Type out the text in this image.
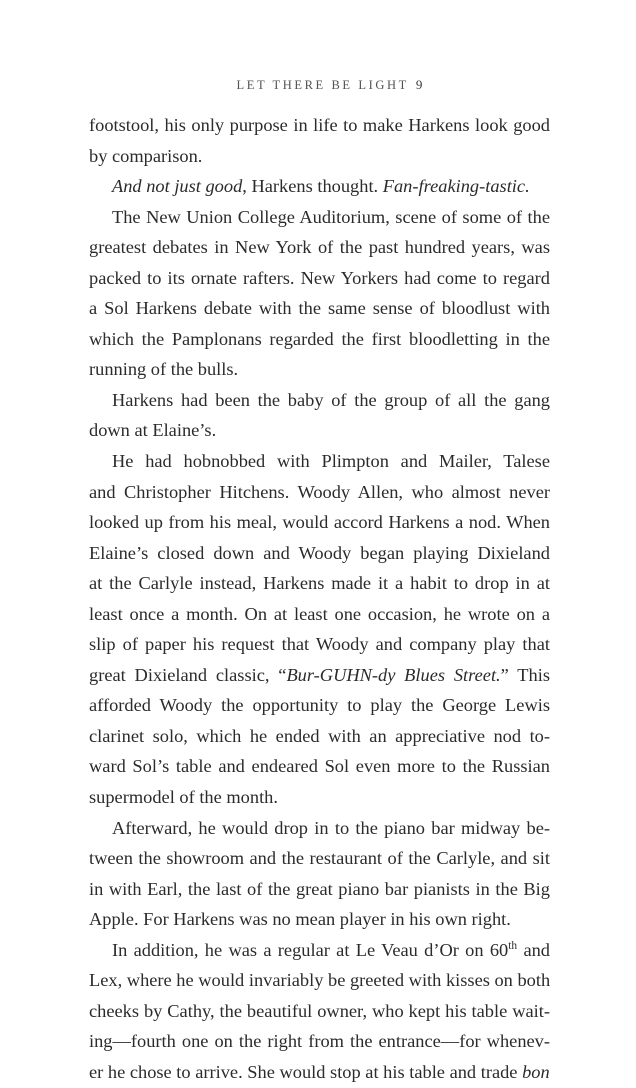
LET THERE BE LIGHT 9

footstool, his only purpose in life to make Harkens look good
by comparison.
And not just good, Harkens thought. Fan-freaking-tastic.
The New Union College Auditorium, scene of some of the
greatest debates in New York of the past hundred years, was
packed to its ornate rafters. New Yorkers had come to regard
a Sol Harkens debate with the same sense of bloodlust with
which the Pamplonans regarded the first bloodletting in the
running of the bulls.
Harkens had been the baby of the group of all the gang
down at Elaine’s.
He had hobnobbed with Plimpton and Mailer, Talese
and Christopher Hitchens. Woody Allen, who almost never
looked up from his meal, would accord Harkens a nod. When
Elaine’s closed down and Woody began playing Dixieland
at the Carlyle instead, Harkens made it a habit to drop in at
least once a month. On at least one occasion, he wrote on a
slip of paper his request that Woody and company play that
great Dixieland classic, “Bur-GUHN-dy Blues Street.” This
afforded Woody the opportunity to play the George Lewis
clarinet solo, which he ended with an appreciative nod to-
ward Sol’s table and endeared Sol even more to the Russian
supermodel of the month.
Afterward, he would drop in to the piano bar midway be-
tween the showroom and the restaurant of the Carlyle, and sit
in with Earl, the last of the great piano bar pianists in the Big
Apple. For Harkens was no mean player in his own right.
In addition, he was a regular at Le Veau d’Or on 60th and
Lex, where he would invariably be greeted with kisses on both
cheeks by Cathy, the beautiful owner, who kept his table wait-
ing—fourth one on the right from the entrance—for whenev-
er he chose to arrive. She would stop at his table and trade bon
